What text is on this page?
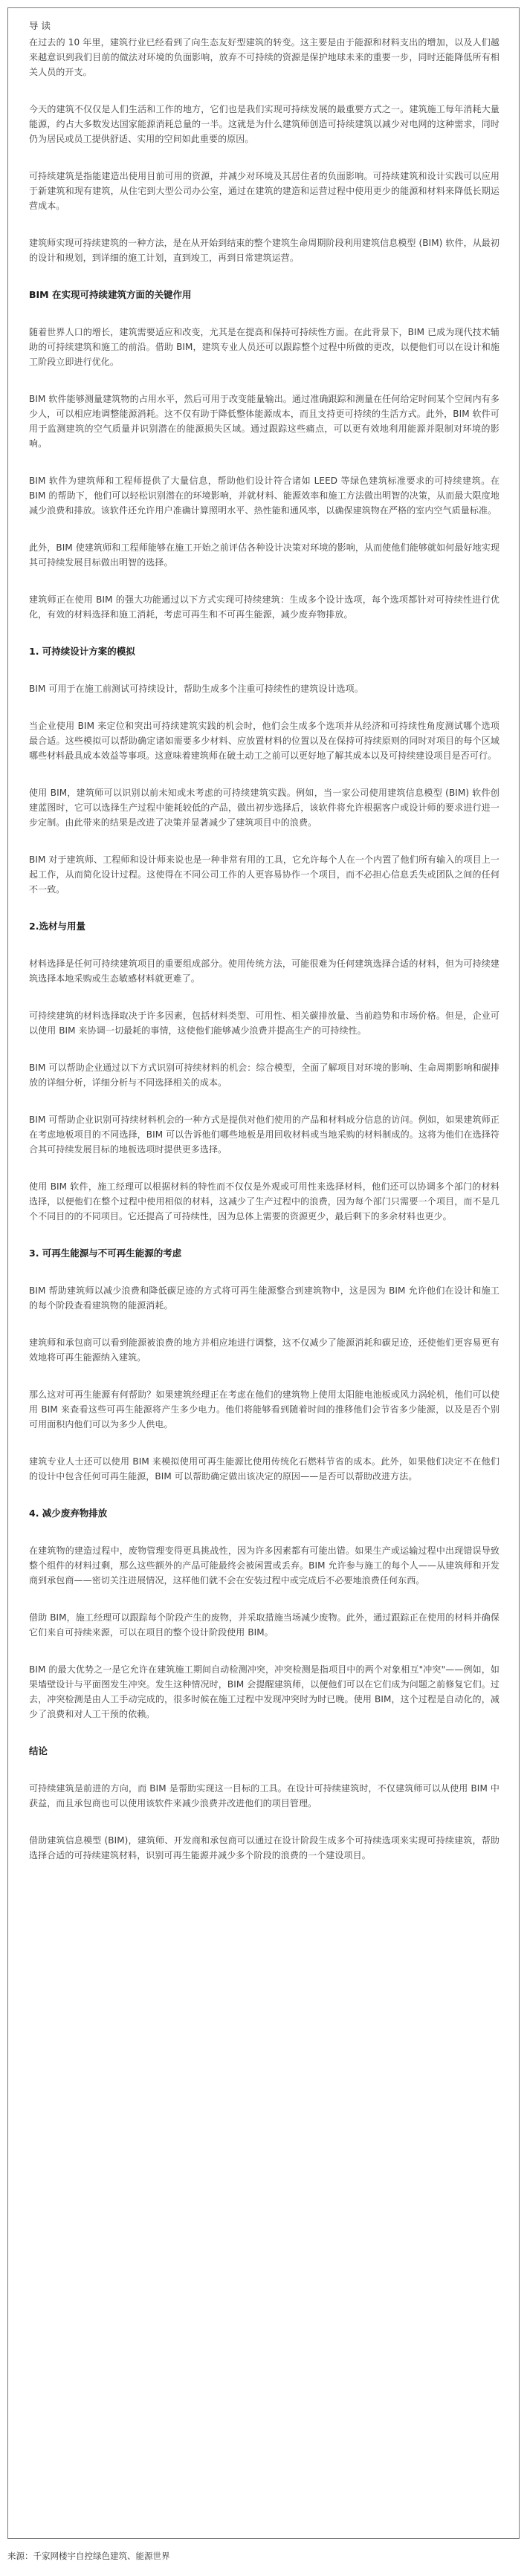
导 读
在过去的 10 年里，建筑行业已经看到了向生态友好型建筑的转变。这主要是由于能源和材料支出的增加，以及人们越来越意识到我们目前的做法对环境的负面影响，放弃不可持续的资源是保护地球未来的重要一步，同时还能降低所有相关人员的开支。
今天的建筑不仅仅是人们生活和工作的地方，它们也是我们实现可持续发展的最重要方式之一。建筑施工每年消耗大量能源，约占大多数发达国家能源消耗总量的一半。这就是为什么建筑师创造可持续建筑以减少对电网的这种需求，同时仍为居民或员工提供舒适、实用的空间如此重要的原因。
可持续建筑是指能建造出使用目前可用的资源，并减少对环境及其居住者的负面影响。可持续建筑和设计实践可以应用于新建筑和现有建筑，从住宅到大型公司办公室，通过在建筑的建造和运营过程中使用更少的能源和材料来降低长期运营成本。
建筑师实现可持续建筑的一种方法，是在从开始到结束的整个建筑生命周期阶段利用建筑信息模型 (BIM) 软件，从最初的设计和规划，到详细的施工计划，直到竣工，再到日常建筑运营。
BIM 在实现可持续建筑方面的关键作用
随着世界人口的增长，建筑需要适应和改变，尤其是在提高和保持可持续性方面。在此背景下，BIM 已成为现代技术辅助的可持续建筑和施工的前沿。借助 BIM，建筑专业人员还可以跟踪整个过程中所做的更改，以便他们可以在设计和施工阶段立即进行优化。
BIM 软件能够测量建筑物的占用水平，然后可用于改变能量输出。通过准确跟踪和测量在任何给定时间某个空间内有多少人，可以相应地调整能源消耗。这不仅有助于降低整体能源成本，而且支持更可持续的生活方式。此外，BIM 软件可用于监测建筑的空气质量并识别潜在的能源损失区域。通过跟踪这些痛点，可以更有效地利用能源并限制对环境的影响。
BIM 软件为建筑师和工程师提供了大量信息，帮助他们设计符合诸如 LEED 等绿色建筑标准要求的可持续建筑。在 BIM 的帮助下，他们可以轻松识别潜在的环境影响，并就材料、能源效率和施工方法做出明智的决策，从而最大限度地减少浪费和排放。该软件还允许用户准确计算照明水平、热性能和通风率，以确保建筑物在严格的室内空气质量标准。
此外，BIM 使建筑师和工程师能够在施工开始之前评估各种设计决策对环境的影响，从而使他们能够就如何最好地实现其可持续发展目标做出明智的选择。
建筑师正在使用 BIM 的强大功能通过以下方式实现可持续建筑：生成多个设计选项，每个选项都针对可持续性进行优化，有效的材料选择和施工消耗，考虑可再生和不可再生能源，减少废弃物排放。
1. 可持续设计方案的模拟
BIM 可用于在施工前测试可持续设计，帮助生成多个注重可持续性的建筑设计选项。
当企业使用 BIM 来定位和突出可持续建筑实践的机会时，他们会生成多个选项并从经济和可持续性角度测试哪个选项最合适。这些模拟可以帮助确定诸如需要多少材料、应放置材料的位置以及在保持可持续原则的同时对项目的每个区域哪些材料最具成本效益等事项。这意味着建筑师在破土动工之前可以更好地了解其成本以及可持续建设项目是否可行。
使用 BIM，建筑师可以识别以前未知或未考虑的可持续建筑实践。例如，当一家公司使用建筑信息模型 (BIM) 软件创建蓝图时，它可以选择生产过程中能耗较低的产品，做出初步选择后，该软件将允许根据客户或设计师的要求进行进一步定制。由此带来的结果是改进了决策并显著减少了建筑项目中的浪费。
BIM 对于建筑师、工程师和设计师来说也是一种非常有用的工具，它允许每个人在一个内置了他们所有输入的项目上一起工作，从而简化设计过程。这使得在不同公司工作的人更容易协作一个项目，而不必担心信息丢失或团队之间的任何不一致。
2.选材与用量
材料选择是任何可持续建筑项目的重要组成部分。使用传统方法，可能很难为任何建筑选择合适的材料，但为可持续建筑选择本地采购或生态敏感材料就更难了。
可持续建筑的材料选择取决于许多因素，包括材料类型、可用性、相关碳排放量、当前趋势和市场价格。但是，企业可以使用 BIM 来协调一切最耗的事情，这使他们能够减少浪费并提高生产的可持续性。
BIM 可以帮助企业通过以下方式识别可持续材料的机会：综合模型，全面了解项目对环境的影响、生命周期影响和碳排放的详细分析，详细分析与不同选择相关的成本。
BIM 可帮助企业识别可持续材料机会的一种方式是提供对他们使用的产品和材料成分信息的访问。例如，如果建筑师正在考虑地板项目的不同选择，BIM 可以告诉他们哪些地板是用回收材料或当地采购的材料制成的。这将为他们在选择符合其可持续发展目标的地板选项时提供更多选择。
使用 BIM 软件，施工经理可以根据材料的特性而不仅仅是外观或可用性来选择材料，他们还可以协调多个部门的材料选择，以便他们在整个过程中使用相似的材料，这减少了生产过程中的浪费，因为每个部门只需要一个项目，而不是几个不同目的的不同项目。它还提高了可持续性，因为总体上需要的资源更少，最后剩下的多余材料也更少。
3. 可再生能源与不可再生能源的考虑
BIM 帮助建筑师以减少浪费和降低碳足迹的方式将可再生能源整合到建筑物中，这是因为 BIM 允许他们在设计和施工的每个阶段查看建筑物的能源消耗。
建筑师和承包商可以看到能源被浪费的地方并相应地进行调整，这不仅减少了能源消耗和碳足迹，还使他们更容易更有效地将可再生能源纳入建筑。
那么这对可再生能源有何帮助？如果建筑经理正在考虑在他们的建筑物上使用太阳能电池板或风力涡轮机，他们可以使用 BIM 来查看这些可再生能源将产生多少电力。他们将能够看到随着时间的推移他们会节省多少能源，以及是否个别可用面积内他们可以为多少人供电。
建筑专业人士还可以使用 BIM 来模拟使用可再生能源比使用传统化石燃料节省的成本。此外，如果他们决定不在他们的设计中包含任何可再生能源，BIM 可以帮助确定做出该决定的原因——是否可以帮助改进方法。
4. 减少废弃物排放
在建筑物的建造过程中，废物管理变得更具挑战性，因为许多因素都有可能出错。如果生产或运输过程中出现错误导致整个组件的材料过剩，那么这些额外的产品可能最终会被闲置或丢弃。BIM 允许参与施工的每个人——从建筑师和开发商到承包商——密切关注进展情况，这样他们就不会在安装过程中或完成后不必要地浪费任何东西。
借助 BIM，施工经理可以跟踪每个阶段产生的废物，并采取措施当场减少废物。此外，通过跟踪正在使用的材料并确保它们来自可持续来源，可以在项目的整个设计阶段使用 BIM。
BIM 的最大优势之一是它允许在建筑施工期间自动检测冲突，冲突检测是指项目中的两个对象相互"冲突"——例如，如果墙壁设计与平面图发生冲突。发生这种情况时，BIM 会提醒建筑师，以便他们可以在它们成为问题之前修复它们。过去，冲突检测是由人工手动完成的，很多时候在施工过程中发现冲突时为时已晚。使用 BIM，这个过程是自动化的，减少了浪费和对人工干预的依赖。
结论
可持续建筑是前进的方向，而 BIM 是帮助实现这一目标的工具。在设计可持续建筑时，不仅建筑师可以从使用 BIM 中获益，而且承包商也可以使用该软件来减少浪费并改进他们的项目管理。
借助建筑信息模型 (BIM)，建筑师、开发商和承包商可以通过在设计阶段生成多个可持续选项来实现可持续建筑，帮助选择合适的可持续建筑材料，识别可再生能源并减少多个阶段的浪费的一个建设项目。
来源：千家网楼宇自控绿色建筑、能源世界
